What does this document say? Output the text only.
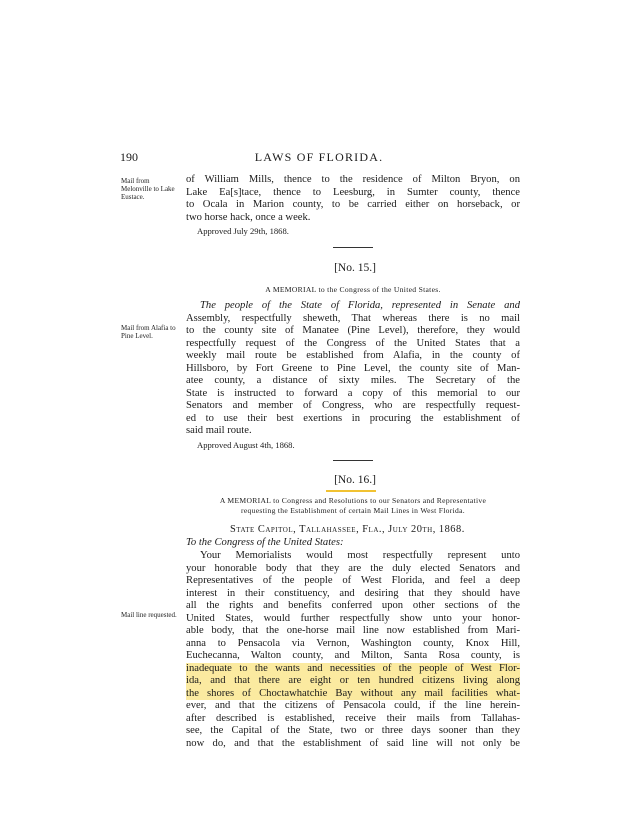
LAWS OF FLORIDA.
190
Mail from Melonville to Lake Eustace.
of William Mills, thence to the residence of Milton Bryon, on
Lake Ea[s]tace, thence to Leesburg, in Sumter county, thence
to Ocala in Marion county, to be carried either on horseback, or
two horse hack, once a week.
Approved July 29th, 1868.
[No. 15.]
A MEMORIAL to the Congress of the United States.
Mail from Alafia to Pine Level.
The people of the State of Florida, represented in Senate and
Assembly, respectfully sheweth, That whereas there is no mail
to the county site of Manatee (Pine Level), therefore, they would
respectfully request of the Congress of the United States that a
weekly mail route be established from Alafia, in the county of
Hillsboro, by Fort Greene to Pine Level, the county site of Man-
atee county, a distance of sixty miles. The Secretary of the
State is instructed to forward a copy of this memorial to our
Senators and member of Congress, who are respectfully request-
ed to use their best exertions in procuring the establishment of
said mail route.
Approved August 4th, 1868.
[No. 16.]
A MEMORIAL to Congress and Resolutions to our Senators and Representative
requesting the Establishment of certain Mail Lines in West Florida.
State Capitol, Tallahassee, Fla., July 20th, 1868.
To the Congress of the United States:
Mail line requested.
Your Memorialists would most respectfully represent unto
your honorable body that they are the duly elected Senators and
Representatives of the people of West Florida, and feel a deep
interest in their constituency, and desiring that they should have
all the rights and benefits conferred upon other sections of the
United States, would further respectfully show unto your honor-
able body, that the one-horse mail line now established from Mari-
anna to Pensacola via Vernon, Washington county, Knox Hill,
Euchecanna, Walton county, and Milton, Santa Rosa county, is
inadequate to the wants and necessities of the people of West Flor-
ida, and that there are eight or ten hundred citizens living along
the shores of Choctawhatchie Bay without any mail facilities what-
ever, and that the citizens of Pensacola could, if the line herein-
after described is established, receive their mails from Tallahas-
see, the Capital of the State, two or three days sooner than they
now do, and that the establishment of said line will not only be
